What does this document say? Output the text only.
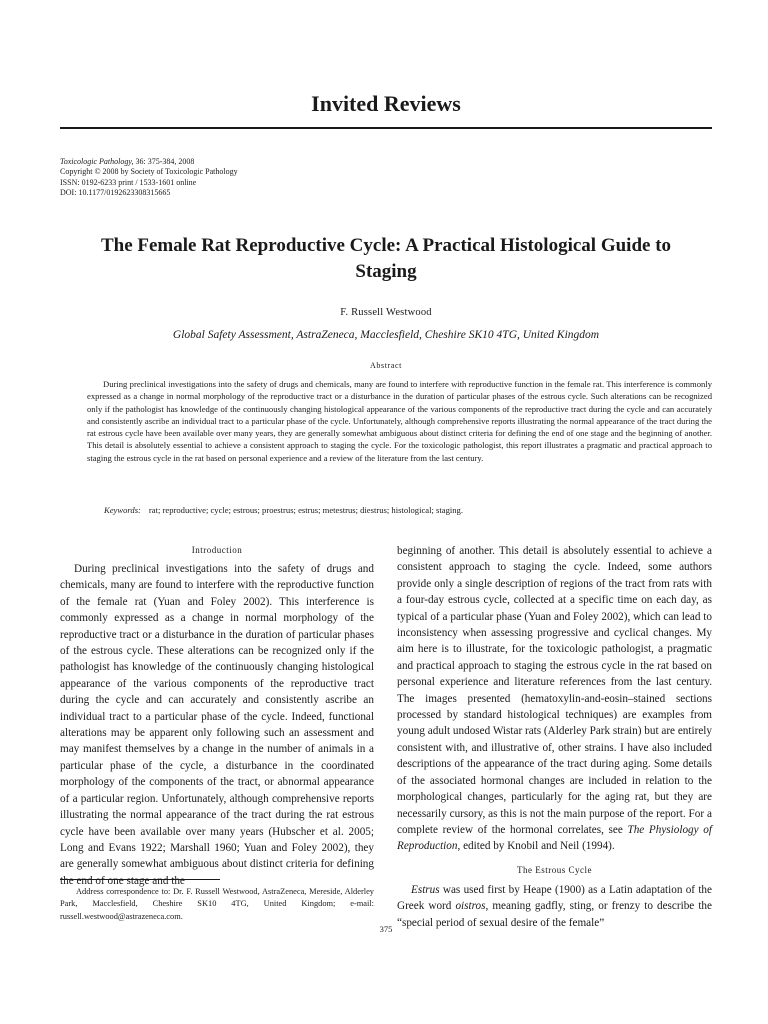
Invited Reviews
Toxicologic Pathology, 36: 375-384, 2008
Copyright © 2008 by Society of Toxicologic Pathology
ISSN: 0192-6233 print / 1533-1601 online
DOI: 10.1177/0192623308315665
The Female Rat Reproductive Cycle: A Practical Histological Guide to Staging
F. Russell Westwood
Global Safety Assessment, AstraZeneca, Macclesfield, Cheshire SK10 4TG, United Kingdom
Abstract

During preclinical investigations into the safety of drugs and chemicals, many are found to interfere with reproductive function in the female rat. This interference is commonly expressed as a change in normal morphology of the reproductive tract or a disturbance in the duration of particular phases of the estrous cycle. Such alterations can be recognized only if the pathologist has knowledge of the continuously changing histological appearance of the various components of the reproductive tract during the cycle and can accurately and consistently ascribe an individual tract to a particular phase of the cycle. Unfortunately, although comprehensive reports illustrating the normal appearance of the tract during the rat estrous cycle have been available over many years, they are generally somewhat ambiguous about distinct criteria for defining the end of one stage and the beginning of another. This detail is absolutely essential to achieve a consistent approach to staging the cycle. For the toxicologic pathologist, this report illustrates a pragmatic and practical approach to staging the estrous cycle in the rat based on personal experience and a review of the literature from the last century.

Keywords: rat; reproductive; cycle; estrous; proestrus; estrus; metestrus; diestrus; histological; staging.
Introduction

During preclinical investigations into the safety of drugs and chemicals, many are found to interfere with the reproductive function of the female rat (Yuan and Foley 2002). This interference is commonly expressed as a change in normal morphology of the reproductive tract or a disturbance in the duration of particular phases of the estrous cycle. These alterations can be recognized only if the pathologist has knowledge of the continuously changing histological appearance of the various components of the reproductive tract during the cycle and can accurately and consistently ascribe an individual tract to a particular phase of the cycle. Indeed, functional alterations may be apparent only following such an assessment and may manifest themselves by a change in the number of animals in a particular phase of the cycle, a disturbance in the coordinated morphology of the components of the tract, or abnormal appearance of a particular region. Unfortunately, although comprehensive reports illustrating the normal appearance of the tract during the rat estrous cycle have been available over many years (Hubscher et al. 2005; Long and Evans 1922; Marshall 1960; Yuan and Foley 2002), they are generally somewhat ambiguous about distinct criteria for defining the end of one stage and the

beginning of another. This detail is absolutely essential to achieve a consistent approach to staging the cycle. Indeed, some authors provide only a single description of regions of the tract from rats with a four-day estrous cycle, collected at a specific time on each day, as typical of a particular phase (Yuan and Foley 2002), which can lead to inconsistency when assessing progressive and cyclical changes. My aim here is to illustrate, for the toxicologic pathologist, a pragmatic and practical approach to staging the estrous cycle in the rat based on personal experience and literature references from the last century. The images presented (hematoxylin-and-eosin–stained sections processed by standard histological techniques) are examples from young adult undosed Wistar rats (Alderley Park strain) but are entirely consistent with, and illustrative of, other strains. I have also included descriptions of the appearance of the tract during aging. Some details of the associated hormonal changes are included in relation to the morphological changes, particularly for the aging rat, but they are necessarily cursory, as this is not the main purpose of the report. For a complete review of the hormonal correlates, see The Physiology of Reproduction, edited by Knobil and Neil (1994).

The Estrous Cycle

Estrus was used first by Heape (1900) as a Latin adaptation of the Greek word oistros, meaning gadfly, sting, or frenzy to describe the “special period of sexual desire of the female”

Address correspondence to: Dr. F. Russell Westwood, AstraZeneca, Mereside, Alderley Park, Macclesfield, Cheshire SK10 4TG, United Kingdom; e-mail: russell.westwood@astrazeneca.com.

375
